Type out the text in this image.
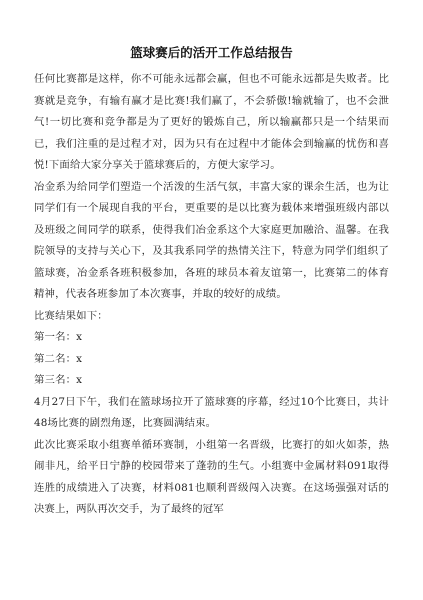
篮球赛后的活开工作总结报告

任何比赛都是这样，你不可能永远都会赢，但也不可能永远都是失败者。比赛就是竞争，有输有赢才是比赛!我们赢了，不会骄傲!输就输了，也不会泄气!一切比赛和竞争都是为了更好的锻炼自己，所以输赢都只是一个结果而已，我们注重的是过程才对，因为只有在过程中才能体会到输赢的忧伤和喜悦!下面给大家分享关于篮球赛后的，方便大家学习。

冶金系为给同学们塑造一个活泼的生活气氛，丰富大家的课余生活，也为让同学们有一个展现自我的平台，更重要的是以比赛为载体来增强班级内部以及班级之间同学的联系，使得我们冶金系这个大家庭更加融洽、温馨。在我院领导的支持与关心下，及其我系同学的热情关注下，特意为同学们组织了篮球赛，冶金系各班积极参加，各班的球员本着友谊第一，比赛第二的体育精神，代表各班参加了本次赛事，并取的较好的成绩。

比赛结果如下：

第一名：x

第二名：x

第三名：x

4月27日下午，我们在篮球场拉开了篮球赛的序幕，经过10个比赛日，共计48场比赛的剧烈角逐，比赛圆满结束。

此次比赛采取小组赛单循环赛制，小组第一名晋级，比赛打的如火如荼，热闹非凡，给平日宁静的校园带来了蓬勃的生气。小组赛中金属材料091取得连胜的成绩进入了决赛，材料081也顺利晋级闯入决赛。在这场强强对话的决赛上，两队再次交手，为了最终的冠军
